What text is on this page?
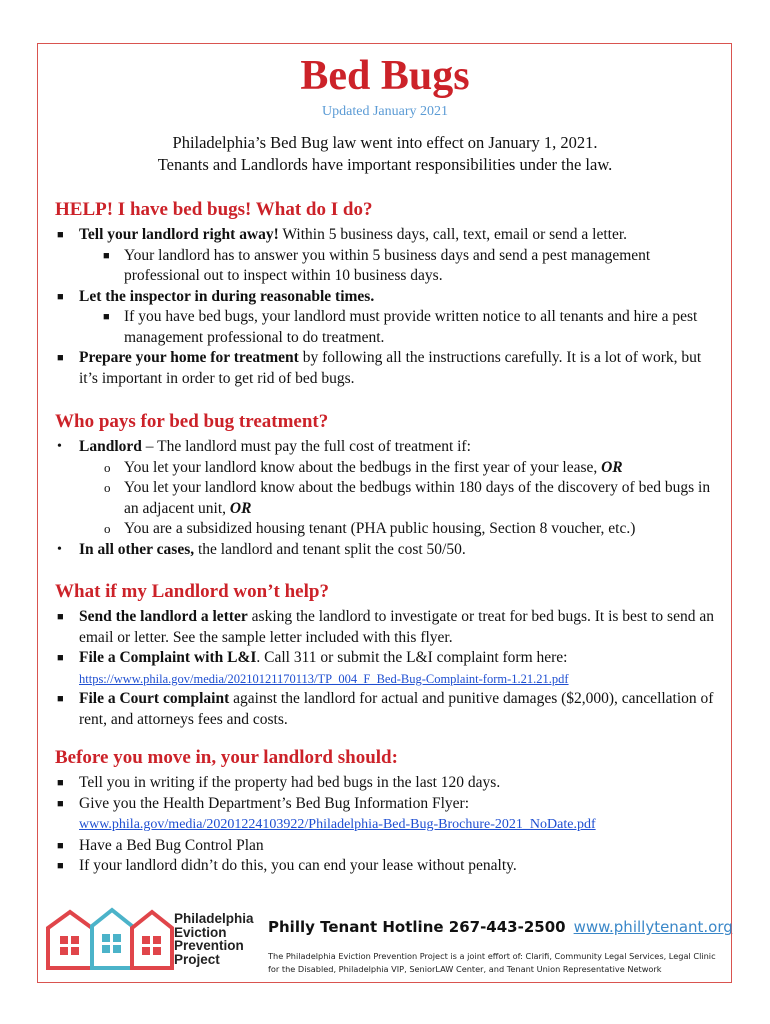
Bed Bugs
Updated January 2021
Philadelphia’s Bed Bug law went into effect on January 1, 2021.
Tenants and Landlords have important responsibilities under the law.
HELP! I have bed bugs! What do I do?
■ Tell your landlord right away! Within 5 business days, call, text, email or send a letter.
■ Your landlord has to answer you within 5 business days and send a pest management professional out to inspect within 10 business days.
■ Let the inspector in during reasonable times.
■ If you have bed bugs, your landlord must provide written notice to all tenants and hire a pest management professional to do treatment.
■ Prepare your home for treatment by following all the instructions carefully. It is a lot of work, but it’s important in order to get rid of bed bugs.
Who pays for bed bug treatment?
• Landlord – The landlord must pay the full cost of treatment if:
o You let your landlord know about the bedbugs in the first year of your lease, OR
o You let your landlord know about the bedbugs within 180 days of the discovery of bed bugs in an adjacent unit, OR
o You are a subsidized housing tenant (PHA public housing, Section 8 voucher, etc.)
• In all other cases, the landlord and tenant split the cost 50/50.
What if my Landlord won’t help?
■ Send the landlord a letter asking the landlord to investigate or treat for bed bugs. It is best to send an email or letter. See the sample letter included with this flyer.
■ File a Complaint with L&I. Call 311 or submit the L&I complaint form here:
https://www.phila.gov/media/20210121170113/TP_004_F_Bed-Bug-Complaint-form-1.21.21.pdf
■ File a Court complaint against the landlord for actual and punitive damages ($2,000), cancellation of rent, and attorneys fees and costs.
Before you move in, your landlord should:
■ Tell you in writing if the property had bed bugs in the last 120 days.
■ Give you the Health Department’s Bed Bug Information Flyer:
www.phila.gov/media/20201224103922/Philadelphia-Bed-Bug-Brochure-2021_NoDate.pdf
■ Have a Bed Bug Control Plan
■ If your landlord didn’t do this, you can end your lease without penalty.
Philadelphia
Eviction
Prevention
Project
Philly Tenant Hotline 267-443-2500 www.phillytenant.org
The Philadelphia Eviction Prevention Project is a joint effort of: Clarifi, Community Legal Services, Legal Clinic for the Disabled, Philadelphia VIP, SeniorLAW Center, and Tenant Union Representative Network
